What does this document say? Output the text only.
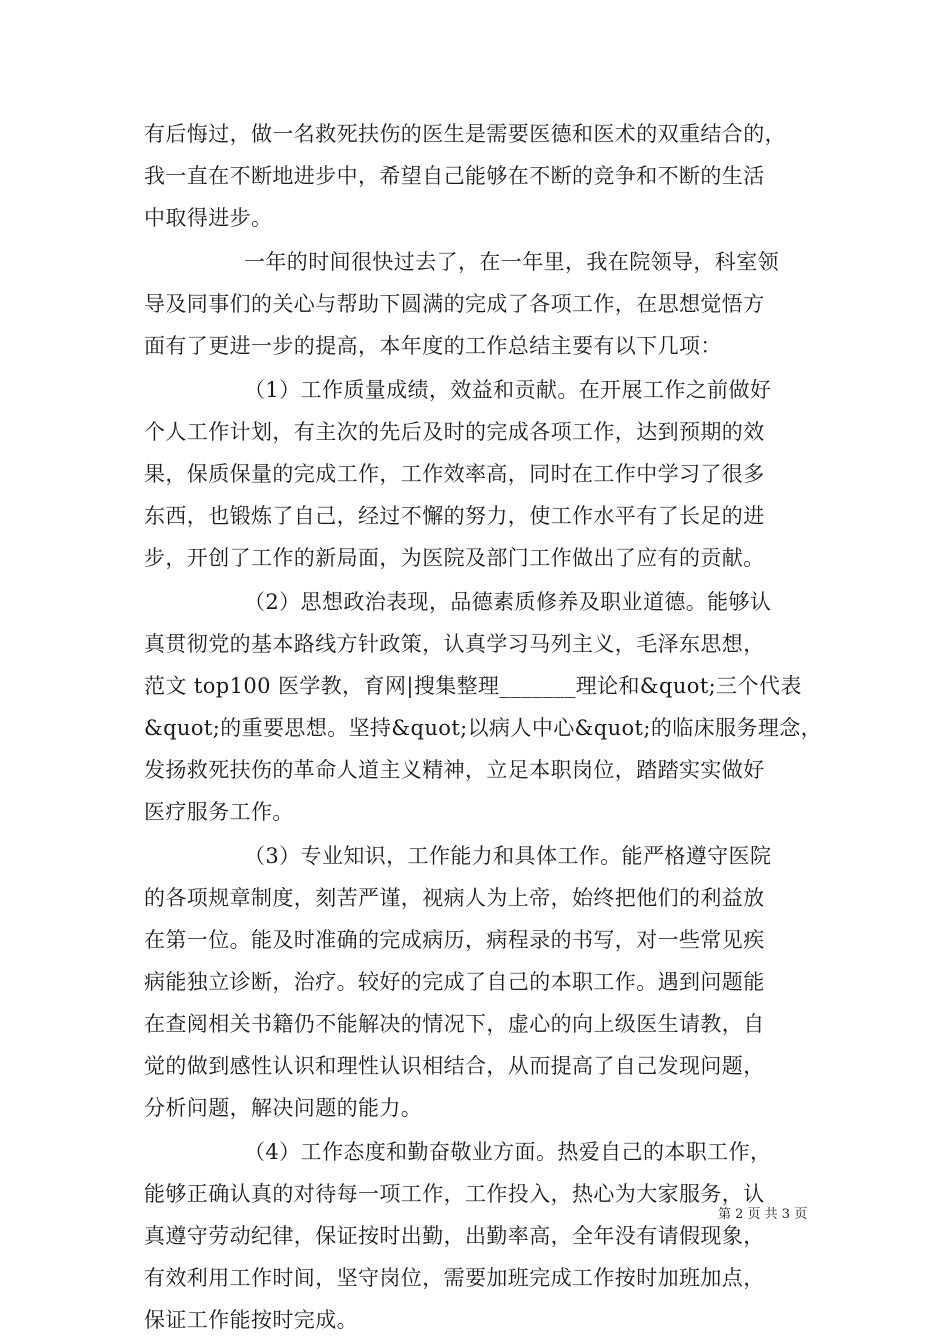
有后悔过，做一名救死扶伤的医生是需要医德和医术的双重结合的，
我一直在不断地进步中，希望自己能够在不断的竞争和不断的生活
中取得进步。
一年的时间很快过去了，在一年里，我在院领导，科室领
导及同事们的关心与帮助下圆满的完成了各项工作，在思想觉悟方
面有了更进一步的提高，本年度的工作总结主要有以下几项：
（1）工作质量成绩，效益和贡献。在开展工作之前做好
个人工作计划，有主次的先后及时的完成各项工作，达到预期的效
果，保质保量的完成工作，工作效率高，同时在工作中学习了很多
东西，也锻炼了自己，经过不懈的努力，使工作水平有了长足的进
步，开创了工作的新局面，为医院及部门工作做出了应有的贡献。
（2）思想政治表现，品德素质修养及职业道德。能够认
真贯彻党的基本路线方针政策，认真学习马列主义，毛泽东思想，
范文 top100 医学教，育网|搜集整理_______理论和&quot;三个代表
&quot;的重要思想。坚持&quot;以病人中心&quot;的临床服务理念，
发扬救死扶伤的革命人道主义精神，立足本职岗位，踏踏实实做好
医疗服务工作。
（3）专业知识，工作能力和具体工作。能严格遵守医院
的各项规章制度，刻苦严谨，视病人为上帝，始终把他们的利益放
在第一位。能及时准确的完成病历，病程录的书写，对一些常见疾
病能独立诊断，治疗。较好的完成了自己的本职工作。遇到问题能
在查阅相关书籍仍不能解决的情况下，虚心的向上级医生请教，自
觉的做到感性认识和理性认识相结合，从而提高了自己发现问题，
分析问题，解决问题的能力。
（4）工作态度和勤奋敬业方面。热爱自己的本职工作，
能够正确认真的对待每一项工作，工作投入，热心为大家服务，认
真遵守劳动纪律，保证按时出勤，出勤率高，全年没有请假现象，
有效利用工作时间，坚守岗位，需要加班完成工作按时加班加点，
保证工作能按时完成。
第 2 页 共 3 页
